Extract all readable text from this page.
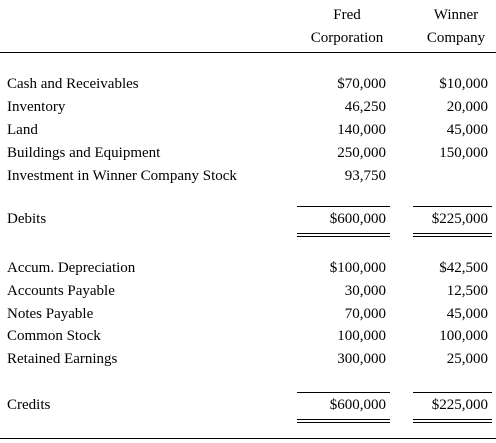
Fred
Corporation
Winner
Company
Cash and Receivables	$70,000	$10,000
Inventory	46,250	20,000
Land	140,000	45,000
Buildings and Equipment	250,000	150,000
Investment in Winner Company Stock	93,750
Debits	$600,000	$225,000
Accum. Depreciation	$100,000	$42,500
Accounts Payable	30,000	12,500
Notes Payable	70,000	45,000
Common Stock	100,000	100,000
Retained Earnings	300,000	25,000
Credits	$600,000	$225,000
